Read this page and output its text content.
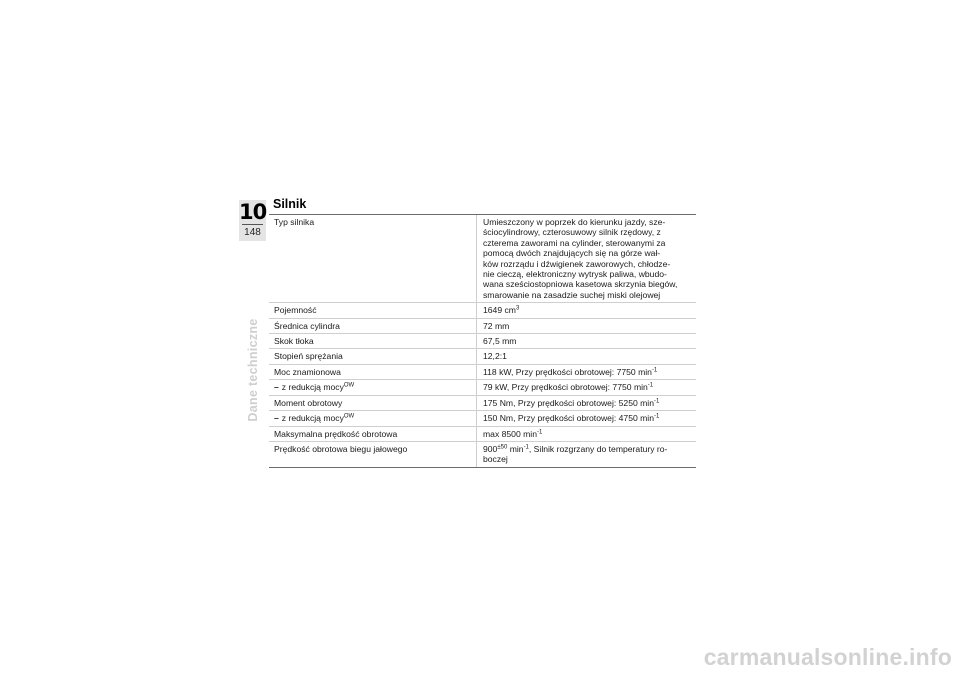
10
148
Dane techniczne
Silnik
Typ silnika	Umieszczony w poprzek do kierunku jazdy, sze-
ściocylindrowy, czterosuwowy silnik rzędowy, z
czterema zaworami na cylinder, sterowanymi za
pomocą dwóch znajdujących się na górze wał-
ków rozrządu i dźwigienek zaworowych, chłodze-
nie cieczą, elektroniczny wytrysk paliwa, wbudo-
wana sześciostopniowa kasetowa skrzynia biegów,
smarowanie na zasadzie suchej miski olejowej
Pojemność	1649 $cm^3$
Średnica cylindra	72 mm
Skok tłoka	67,5 mm
Stopień sprężania	12,2:1
Moc znamionowa	118 kW, Przy prędkości obrotowej: 7750 $\min^{-1}$
– z redukcją mocy$^{OW}$	79 kW, Przy prędkości obrotowej: 7750 $\min^{-1}$
Moment obrotowy	175 Nm, Przy prędkości obrotowej: 5250 $\min^{-1}$
– z redukcją mocy$^{OW}$	150 Nm, Przy prędkości obrotowej: 4750 $\min^{-1}$
Maksymalna prędkość obrotowa	max 8500 $\min^{-1}$
Prędkość obrotowa biegu jałowego	$900^{\pm 50}$ $\min^{-1}$, Silnik rozgrzany do temperatury ro-
boczej
carmanualsonline.info
